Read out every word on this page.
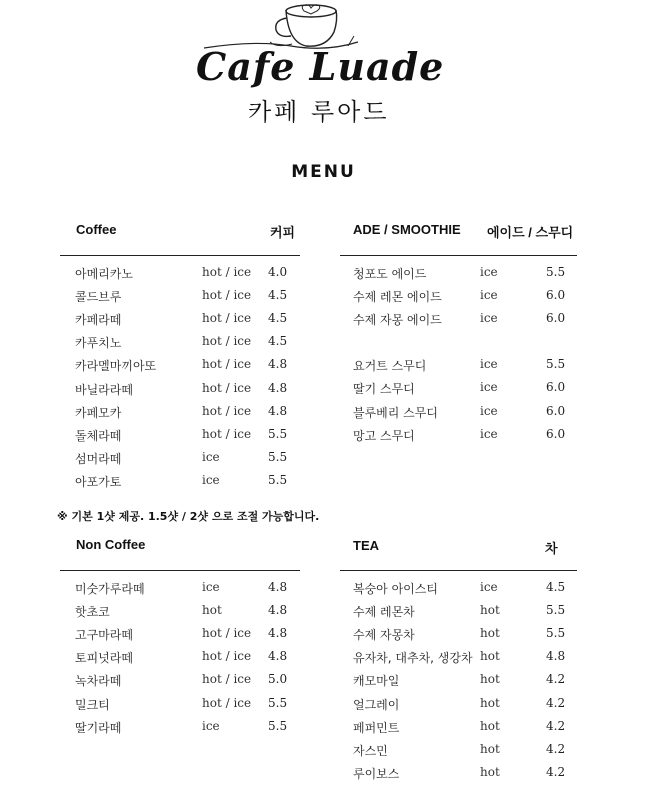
Cafe Luade
카페 루아드
MENU
Coffee	커피
아메리카노	hot / ice 4.0
콜드브루	hot / ice 4.5
카페라떼	hot / ice 4.5
카푸치노	hot / ice 4.5
카라멜마끼아또	hot / ice 4.8
바닐라라떼	hot / ice 4.8
카페모카	hot / ice 4.8
돌체라떼	hot / ice 5.5
섬머라떼	ice	5.5
아포가토	ice	5.5
ADE / SMOOTHIE 에이드 / 스무디
청포도 에이드	ice	5.5
수제 레몬 에이드	ice	6.0
수제 자몽 에이드	ice	6.0
요거트 스무디	ice	5.5
딸기 스무디	ice	6.0
블루베리 스무디	ice	6.0
망고 스무디	ice	6.0
※ 기본 1샷 제공. 1.5샷 / 2샷 으로 조절 가능합니다.
Non Coffee
미숫가루라떼	ice	4.8
핫초코	hot	4.8
고구마라떼	hot / ice 4.8
토피넛라떼	hot / ice 4.8
녹차라떼	hot / ice 5.0
밀크티	hot / ice 5.5
딸기라떼	ice	5.5
TEA	차
복숭아 아이스티	ice	4.5
수제 레몬차	hot	5.5
수제 자몽차	hot	5.5
유자차, 대추차, 생강차 hot	4.8
캐모마일	hot	4.2
얼그레이	hot	4.2
페퍼민트	hot	4.2
자스민	hot	4.2
루이보스	hot	4.2
